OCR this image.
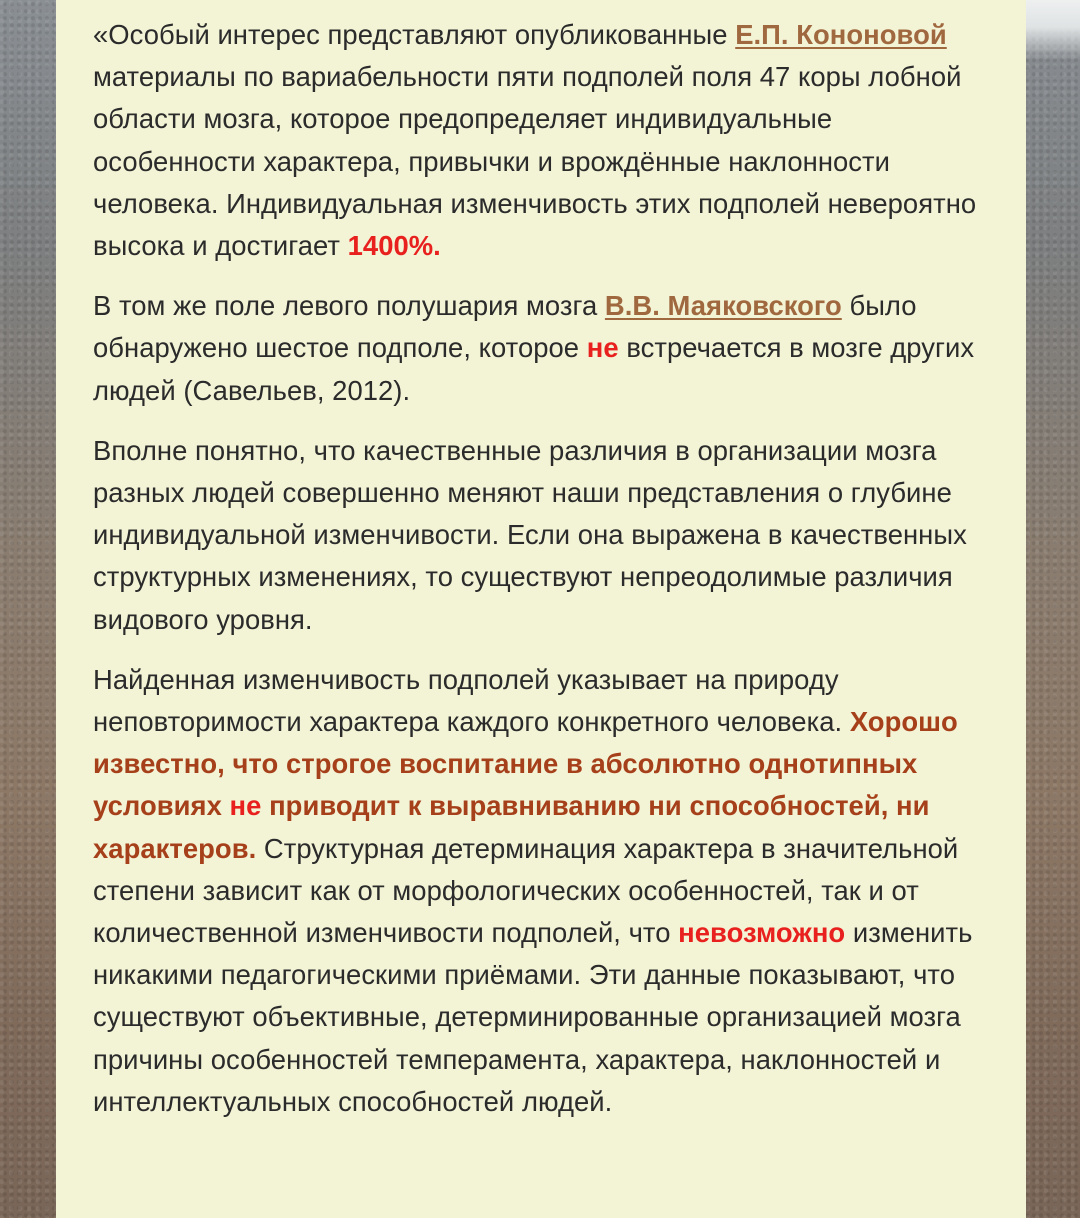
«Особый интерес представляют опубликованные Е.П. Кононовой материалы по вариабельности пяти подполей поля 47 коры лобной области мозга, которое предопределяет индивидуальные особенности характера, привычки и врождённые наклонности человека. Индивидуальная изменчивость этих подполей невероятно высока и достигает 1400%.

В том же поле левого полушария мозга В.В. Маяковского было обнаружено шестое подполе, которое не встречается в мозге других людей (Савельев, 2012).

Вполне понятно, что качественные различия в организации мозга разных людей совершенно меняют наши представления о глубине индивидуальной изменчивости. Если она выражена в качественных структурных изменениях, то существуют непреодолимые различия видового уровня.

Найденная изменчивость подполей указывает на природу неповторимости характера каждого конкретного человека. Хорошо известно, что строгое воспитание в абсолютно однотипных условиях не приводит к выравниванию ни способностей, ни характеров. Структурная детерминация характера в значительной степени зависит как от морфологических особенностей, так и от количественной изменчивости подполей, что невозможно изменить никакими педагогическими приёмами. Эти данные показывают, что существуют объективные, детерминированные организацией мозга причины особенностей темперамента, характера, наклонностей и интеллектуальных способностей людей.
